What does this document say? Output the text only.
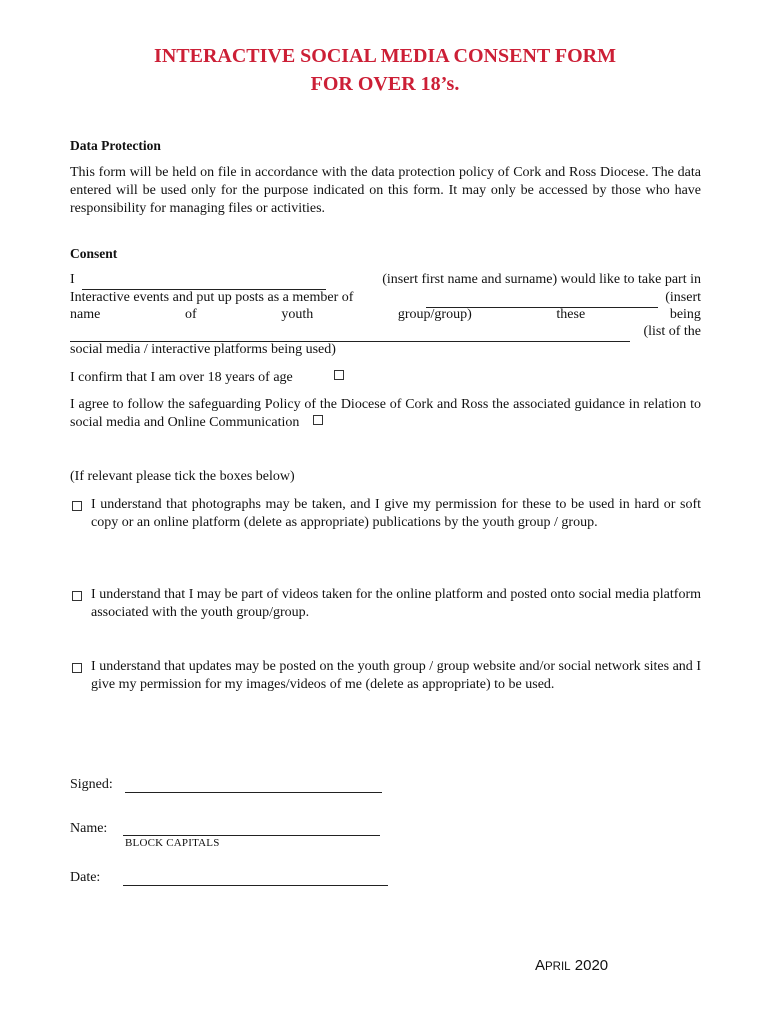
INTERACTIVE SOCIAL MEDIA CONSENT FORM
FOR OVER 18’s.
Data Protection
This form will be held on file in accordance with the data protection policy of Cork and Ross Diocese. The data entered will be used only for the purpose indicated on this form. It may only be accessed by those who have responsibility for managing files or activities.
Consent
I	(insert first name and surname) would like to take part in
Interactive events and put up posts as a member of	(insert
name	of	youth	group/group)	these	being

(list of the
social media / interactive platforms being used)
I confirm that I am over 18 years of age
I agree to follow the safeguarding Policy of the Diocese of Cork and Ross the associated guidance in relation to social media and Online Communication
(If relevant please tick the boxes below)
I understand that photographs may be taken, and I give my permission for these to be used in hard or soft copy or an online platform (delete as appropriate) publications by the youth group / group.
I understand that I may be part of videos taken for the online platform and posted onto social media platform associated with the youth group/group.
I understand that updates may be posted on the youth group / group website and/or social network sites and I give my permission for my images/videos of me (delete as appropriate) to be used.
Signed:
Name:
BLOCK CAPITALS
Date:
APRIL 2020
